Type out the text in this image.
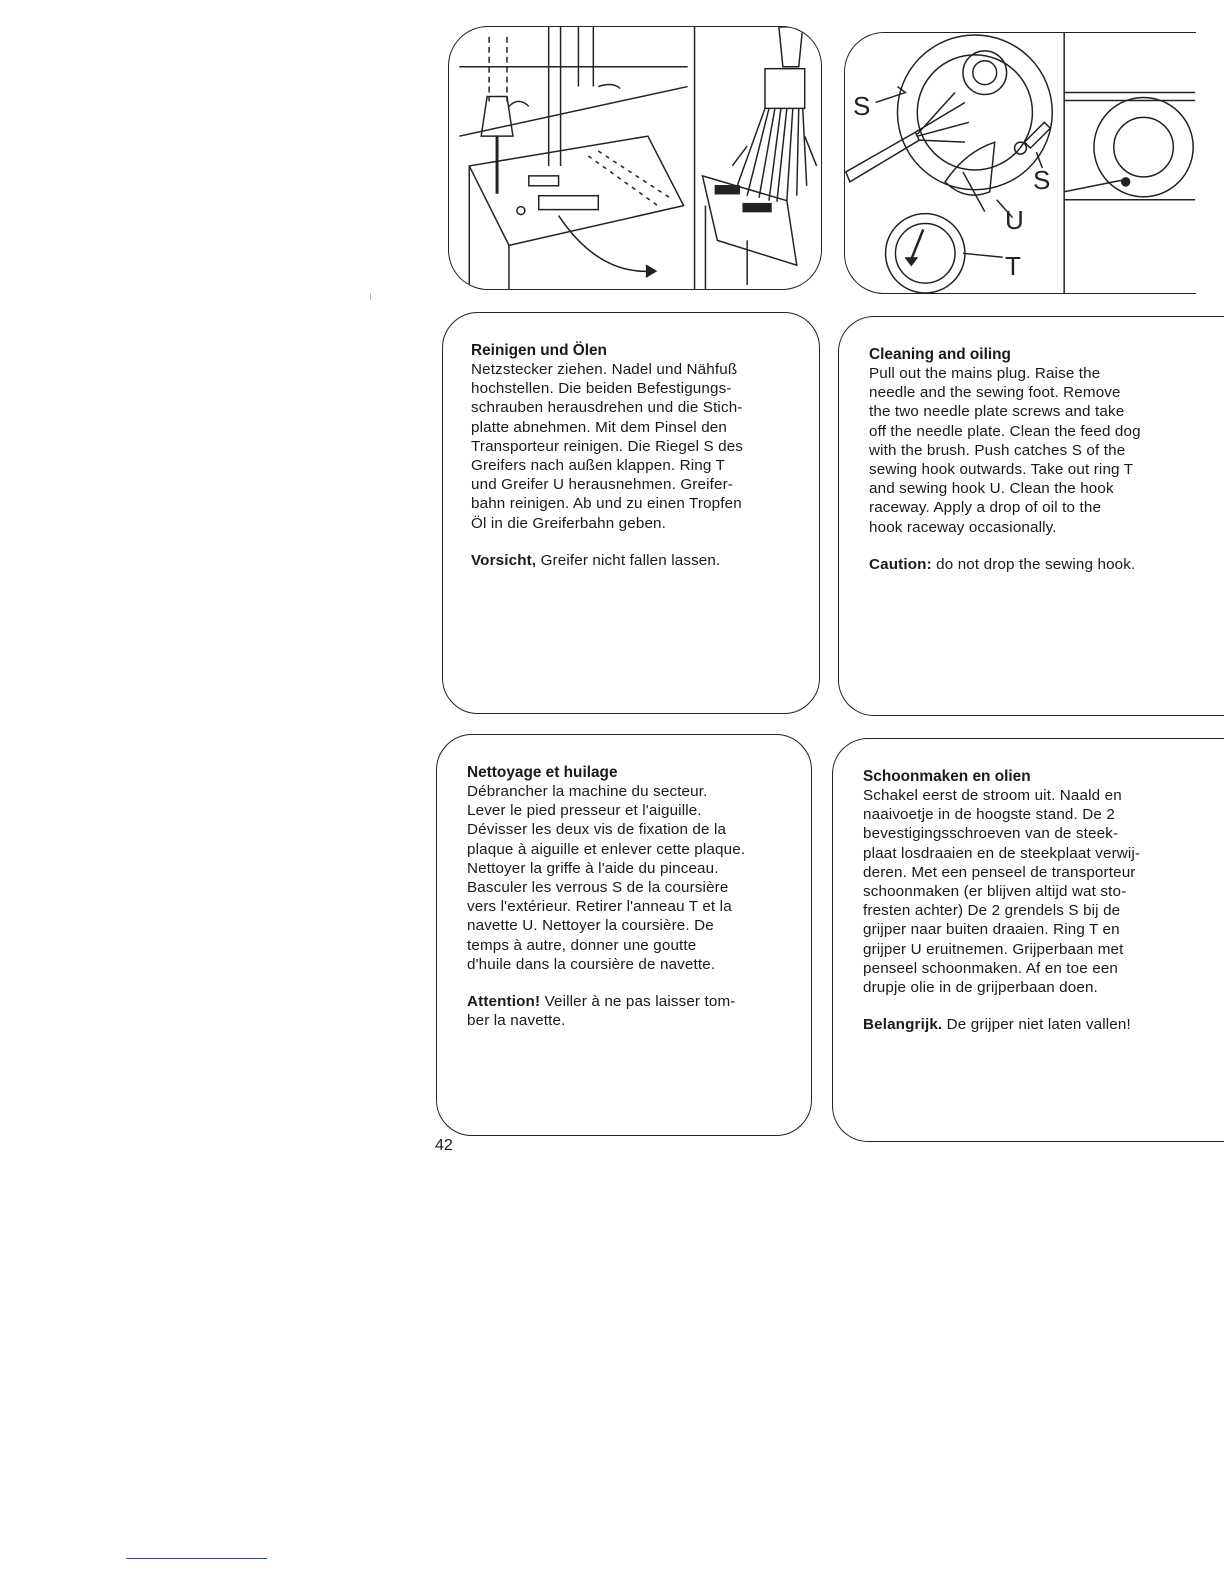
S
S
U
T
Reinigen und Ölen
Netzstecker ziehen. Nadel und Nähfuß
hochstellen. Die beiden Befestigungs-
schrauben herausdrehen und die Stich-
platte abnehmen. Mit dem Pinsel den
Transporteur reinigen. Die Riegel S des
Greifers nach außen klappen. Ring T
und Greifer U herausnehmen. Greifer-
bahn reinigen. Ab und zu einen Tropfen
Öl in die Greiferbahn geben.
Vorsicht, Greifer nicht fallen lassen.
Cleaning and oiling
Pull out the mains plug. Raise the
needle and the sewing foot. Remove
the two needle plate screws and take
off the needle plate. Clean the feed dog
with the brush. Push catches S of the
sewing hook outwards. Take out ring T
and sewing hook U. Clean the hook
raceway. Apply a drop of oil to the
hook raceway occasionally.
Caution: do not drop the sewing hook.
Nettoyage et huilage
Débrancher la machine du secteur.
Lever le pied presseur et l'aiguille.
Dévisser les deux vis de fixation de la
plaque à aiguille et enlever cette plaque.
Nettoyer la griffe à l'aide du pinceau.
Basculer les verrous S de la coursière
vers l'extérieur. Retirer l'anneau T et la
navette U. Nettoyer la coursière. De
temps à autre, donner une goutte
d'huile dans la coursière de navette.
Attention! Veiller à ne pas laisser tom-
ber la navette.
Schoonmaken en olien
Schakel eerst de stroom uit. Naald en
naaivoetje in de hoogste stand. De 2
bevestigingsschroeven van de steek-
plaat losdraaien en de steekplaat verwij-
deren. Met een penseel de transporteur
schoonmaken (er blijven altijd wat sto-
fresten achter) De 2 grendels S bij de
grijper naar buiten draaien. Ring T en
grijper U eruitnemen. Grijperbaan met
penseel schoonmaken. Af en toe een
drupje olie in de grijperbaan doen.
Belangrijk. De grijper niet laten vallen!
42
